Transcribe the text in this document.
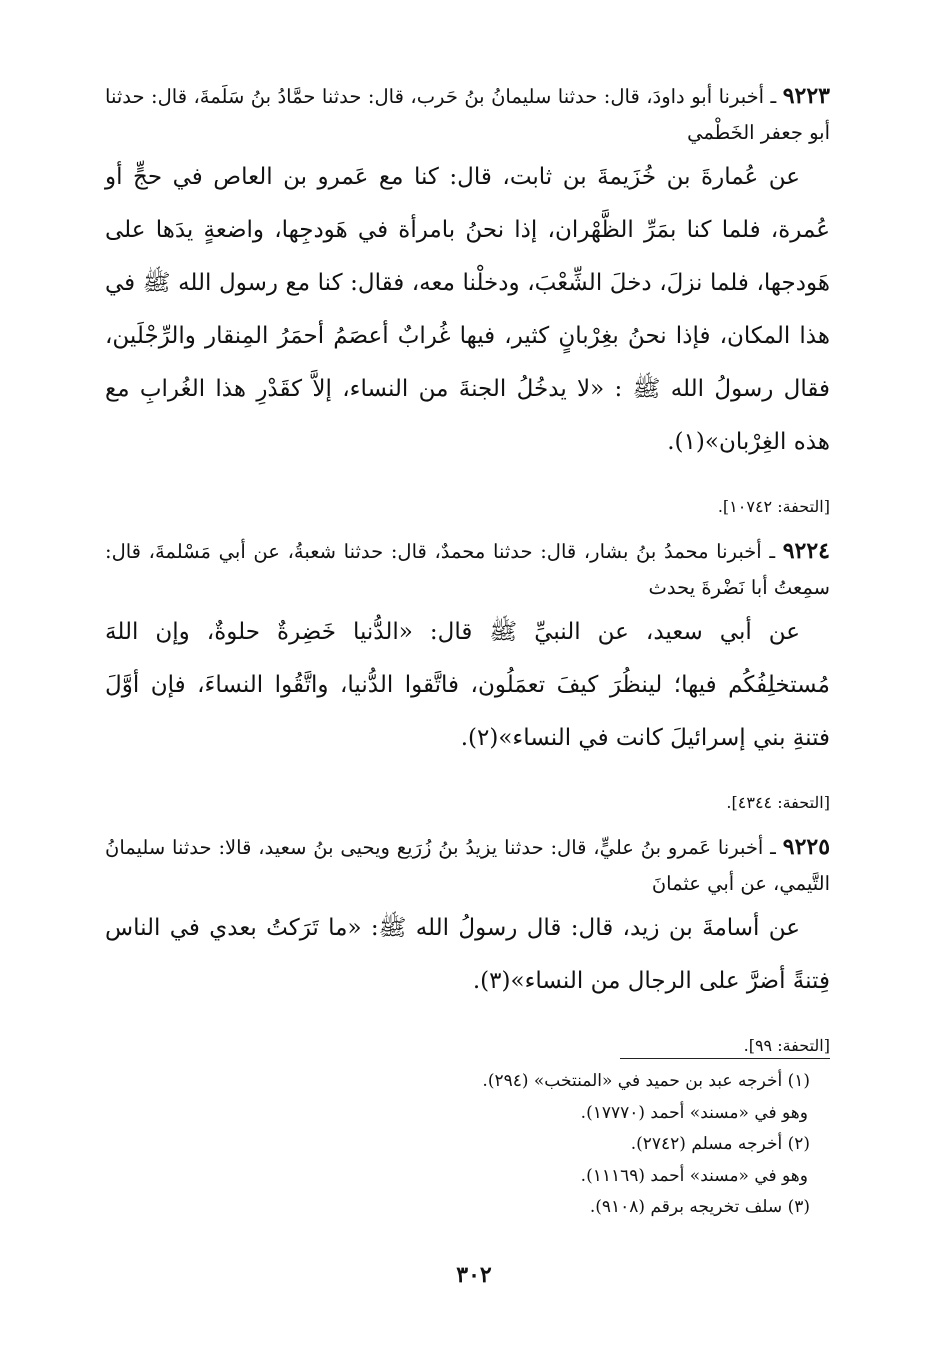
٩٢٢٣ ـ أخبرنا أبو داودَ، قال: حدثنا سليمانُ بنُ حَرب، قال: حدثنا حمَّادُ بنُ سَلَمةَ، قال: حدثنا أبو جعفر الخَطْمي

عن عُمارةَ بن خُزَيمةَ بن ثابت، قال: كنا مع عَمرو بن العاص في حجٍّ أو عُمرة، فلما كنا بمَرِّ الظَّهْران، إذا نحنُ بامرأة في هَودجِها، واضعةٍ يدَها على هَودجها، فلما نزلَ، دخلَ الشِّعْبَ، ودخلْنا معه، فقال: كنا مع رسول الله ﷺ في هذا المكان، فإذا نحنُ بغِرْبانٍ كثير، فيها غُرابٌ أعصَمُ أحمَرُ المِنقار والرِّجْلَين، فقال رسولُ الله ﷺ : «لا يدخُلُ الجنةَ من النساء، إلاَّ كقَدْرِ هذا الغُرابِ مع هذه الغِرْبان»(١).

[التحفة: ١٠٧٤٢].

٩٢٢٤ ـ أخبرنا محمدُ بنُ بشار، قال: حدثنا محمدٌ، قال: حدثنا شعبةُ، عن أبي مَسْلمةَ، قال: سمِعتُ أبا نَضْرةَ يحدث

عن أبي سعيد، عن النبيِّ ﷺ قال: «الدُّنيا خَضِرةٌ حلوةٌ، وإن اللهَ مُستخلِفُكُم فيها؛ لينظُرَ كيفَ تعمَلُون، فاتَّقوا الدُّنيا، واتَّقُوا النساءَ، فإن أوَّلَ فتنةِ بني إسرائيلَ كانت في النساء»(٢).

[التحفة: ٤٣٤٤].

٩٢٢٥ ـ أخبرنا عَمرو بنُ عليٍّ، قال: حدثنا يزيدُ بنُ زُرَيع ويحيى بنُ سعيد، قالا: حدثنا سليمانُ التَّيمي، عن أبي عثمانَ

عن أسامةَ بن زيد، قال: قال رسولُ الله ﷺ: «ما تَرَكتُ بعدي في الناس فِتنةً أضرَّ على الرجال من النساء»(٣).

[التحفة: ٩٩].

(١) أخرجه عبد بن حميد في «المنتخب» (٢٩٤).

وهو في «مسند» أحمد (١٧٧٧٠).

(٢) أخرجه مسلم (٢٧٤٢).

وهو في «مسند» أحمد (١١١٦٩).

(٣) سلف تخريجه برقم (٩١٠٨).

٣٠٢
